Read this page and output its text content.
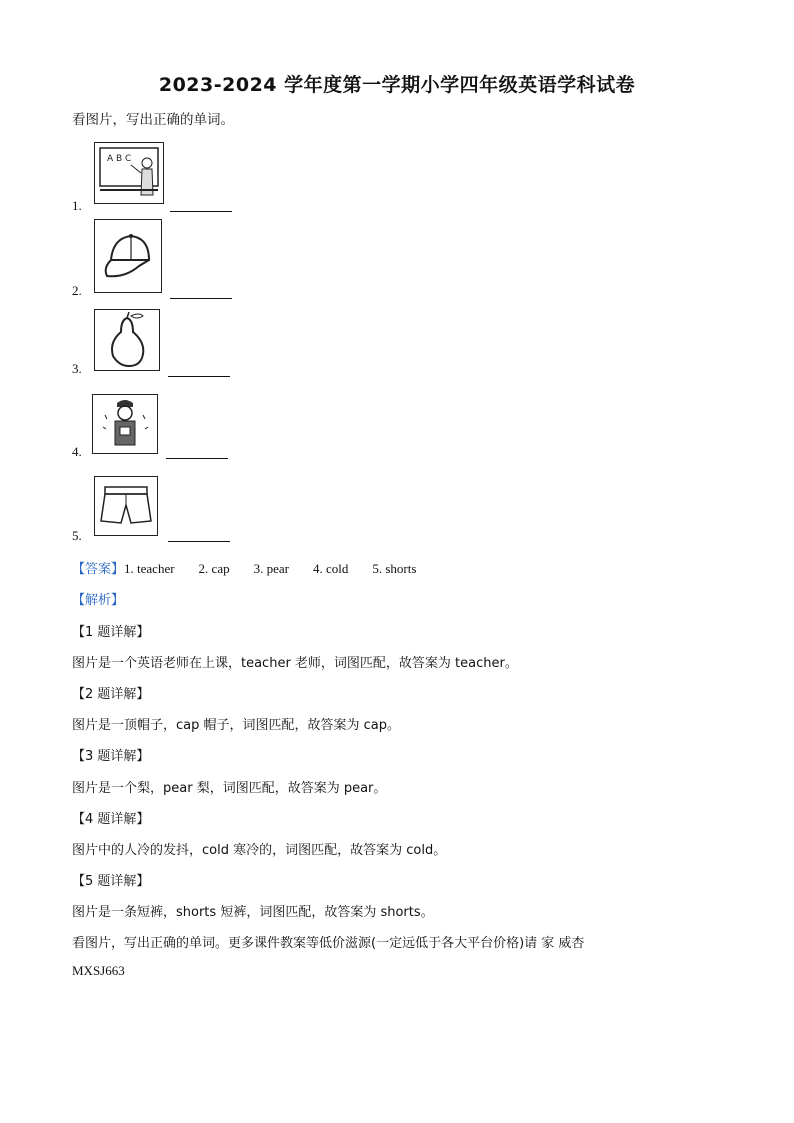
2023-2024 学年度第一学期小学四年级英语学科试卷
看图片，写出正确的单词。
1.
A B C
2.
3.
4.
5.
【答案】1. teacher 2. cap 3. pear 4. cold 5. shorts
【解析】
【1 题详解】
图片是一个英语老师在上课，teacher 老师，词图匹配，故答案为 teacher。
【2 题详解】
图片是一顶帽子，cap 帽子，词图匹配，故答案为 cap。
【3 题详解】
图片是一个梨，pear 梨，词图匹配，故答案为 pear。
【4 题详解】
图片中的人冷的发抖，cold 寒冷的，词图匹配，故答案为 cold。
【5 题详解】
图片是一条短裤，shorts 短裤，词图匹配，故答案为 shorts。
看图片，写出正确的单词。更多课件教案等低价滋源(一定远低于各大平台价格)请 家 威杏
MXSJ663
